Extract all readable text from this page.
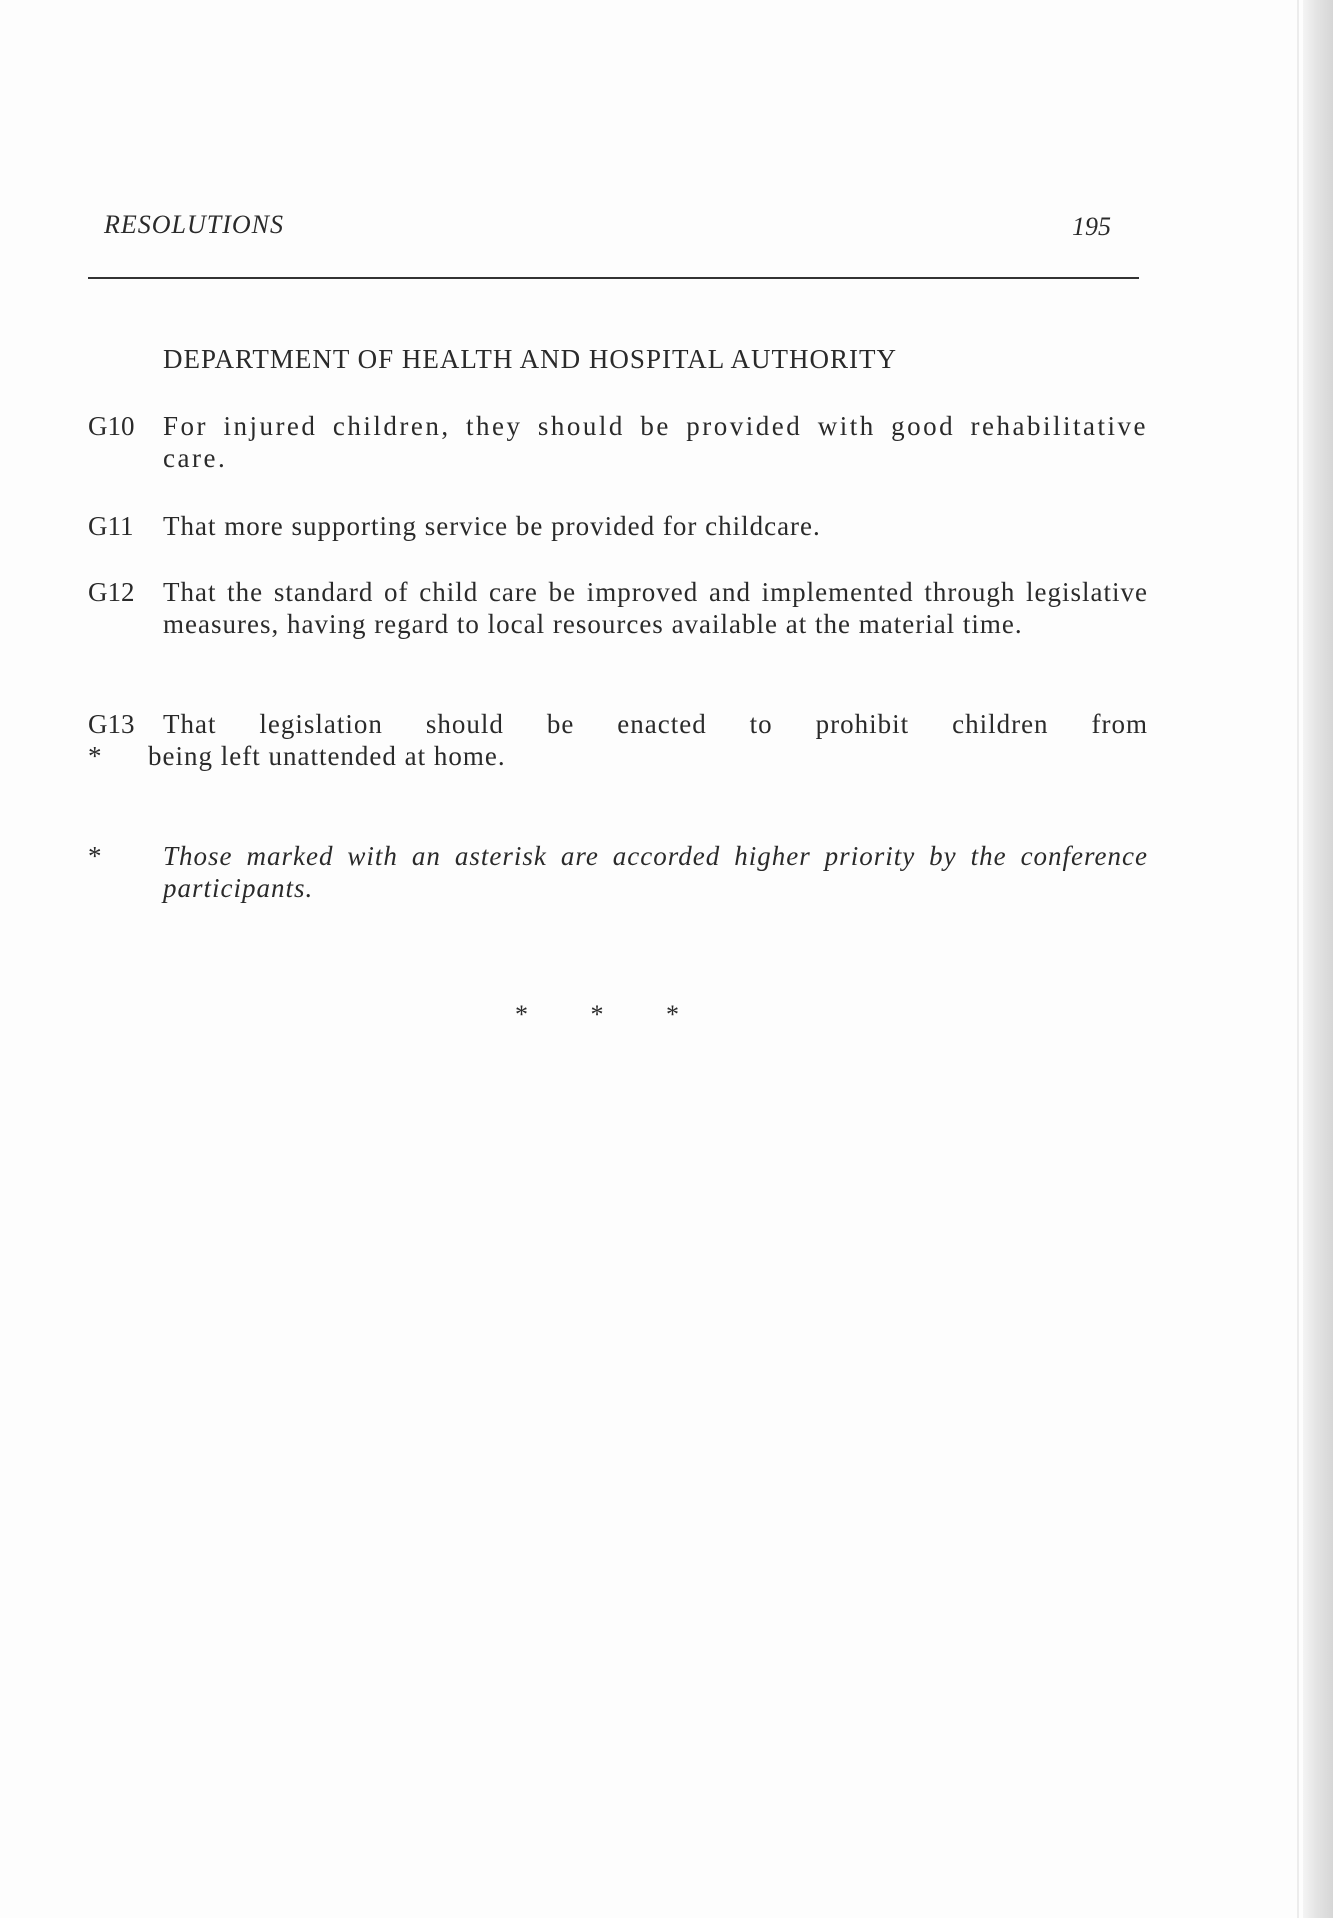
RESOLUTIONS	195
DEPARTMENT OF HEALTH AND HOSPITAL AUTHORITY
G10 For injured children, they should be provided with good rehabilitative care.
G11 That more supporting service be provided for childcare.
G12 That the standard of child care be improved and implemented through legislative measures, having regard to local resources available at the material time.
G13
*
That legislation should be enacted to prohibit children from
being left unattended at home.
* Those marked with an asterisk are accorded higher priority by the conference participants.
* * *
